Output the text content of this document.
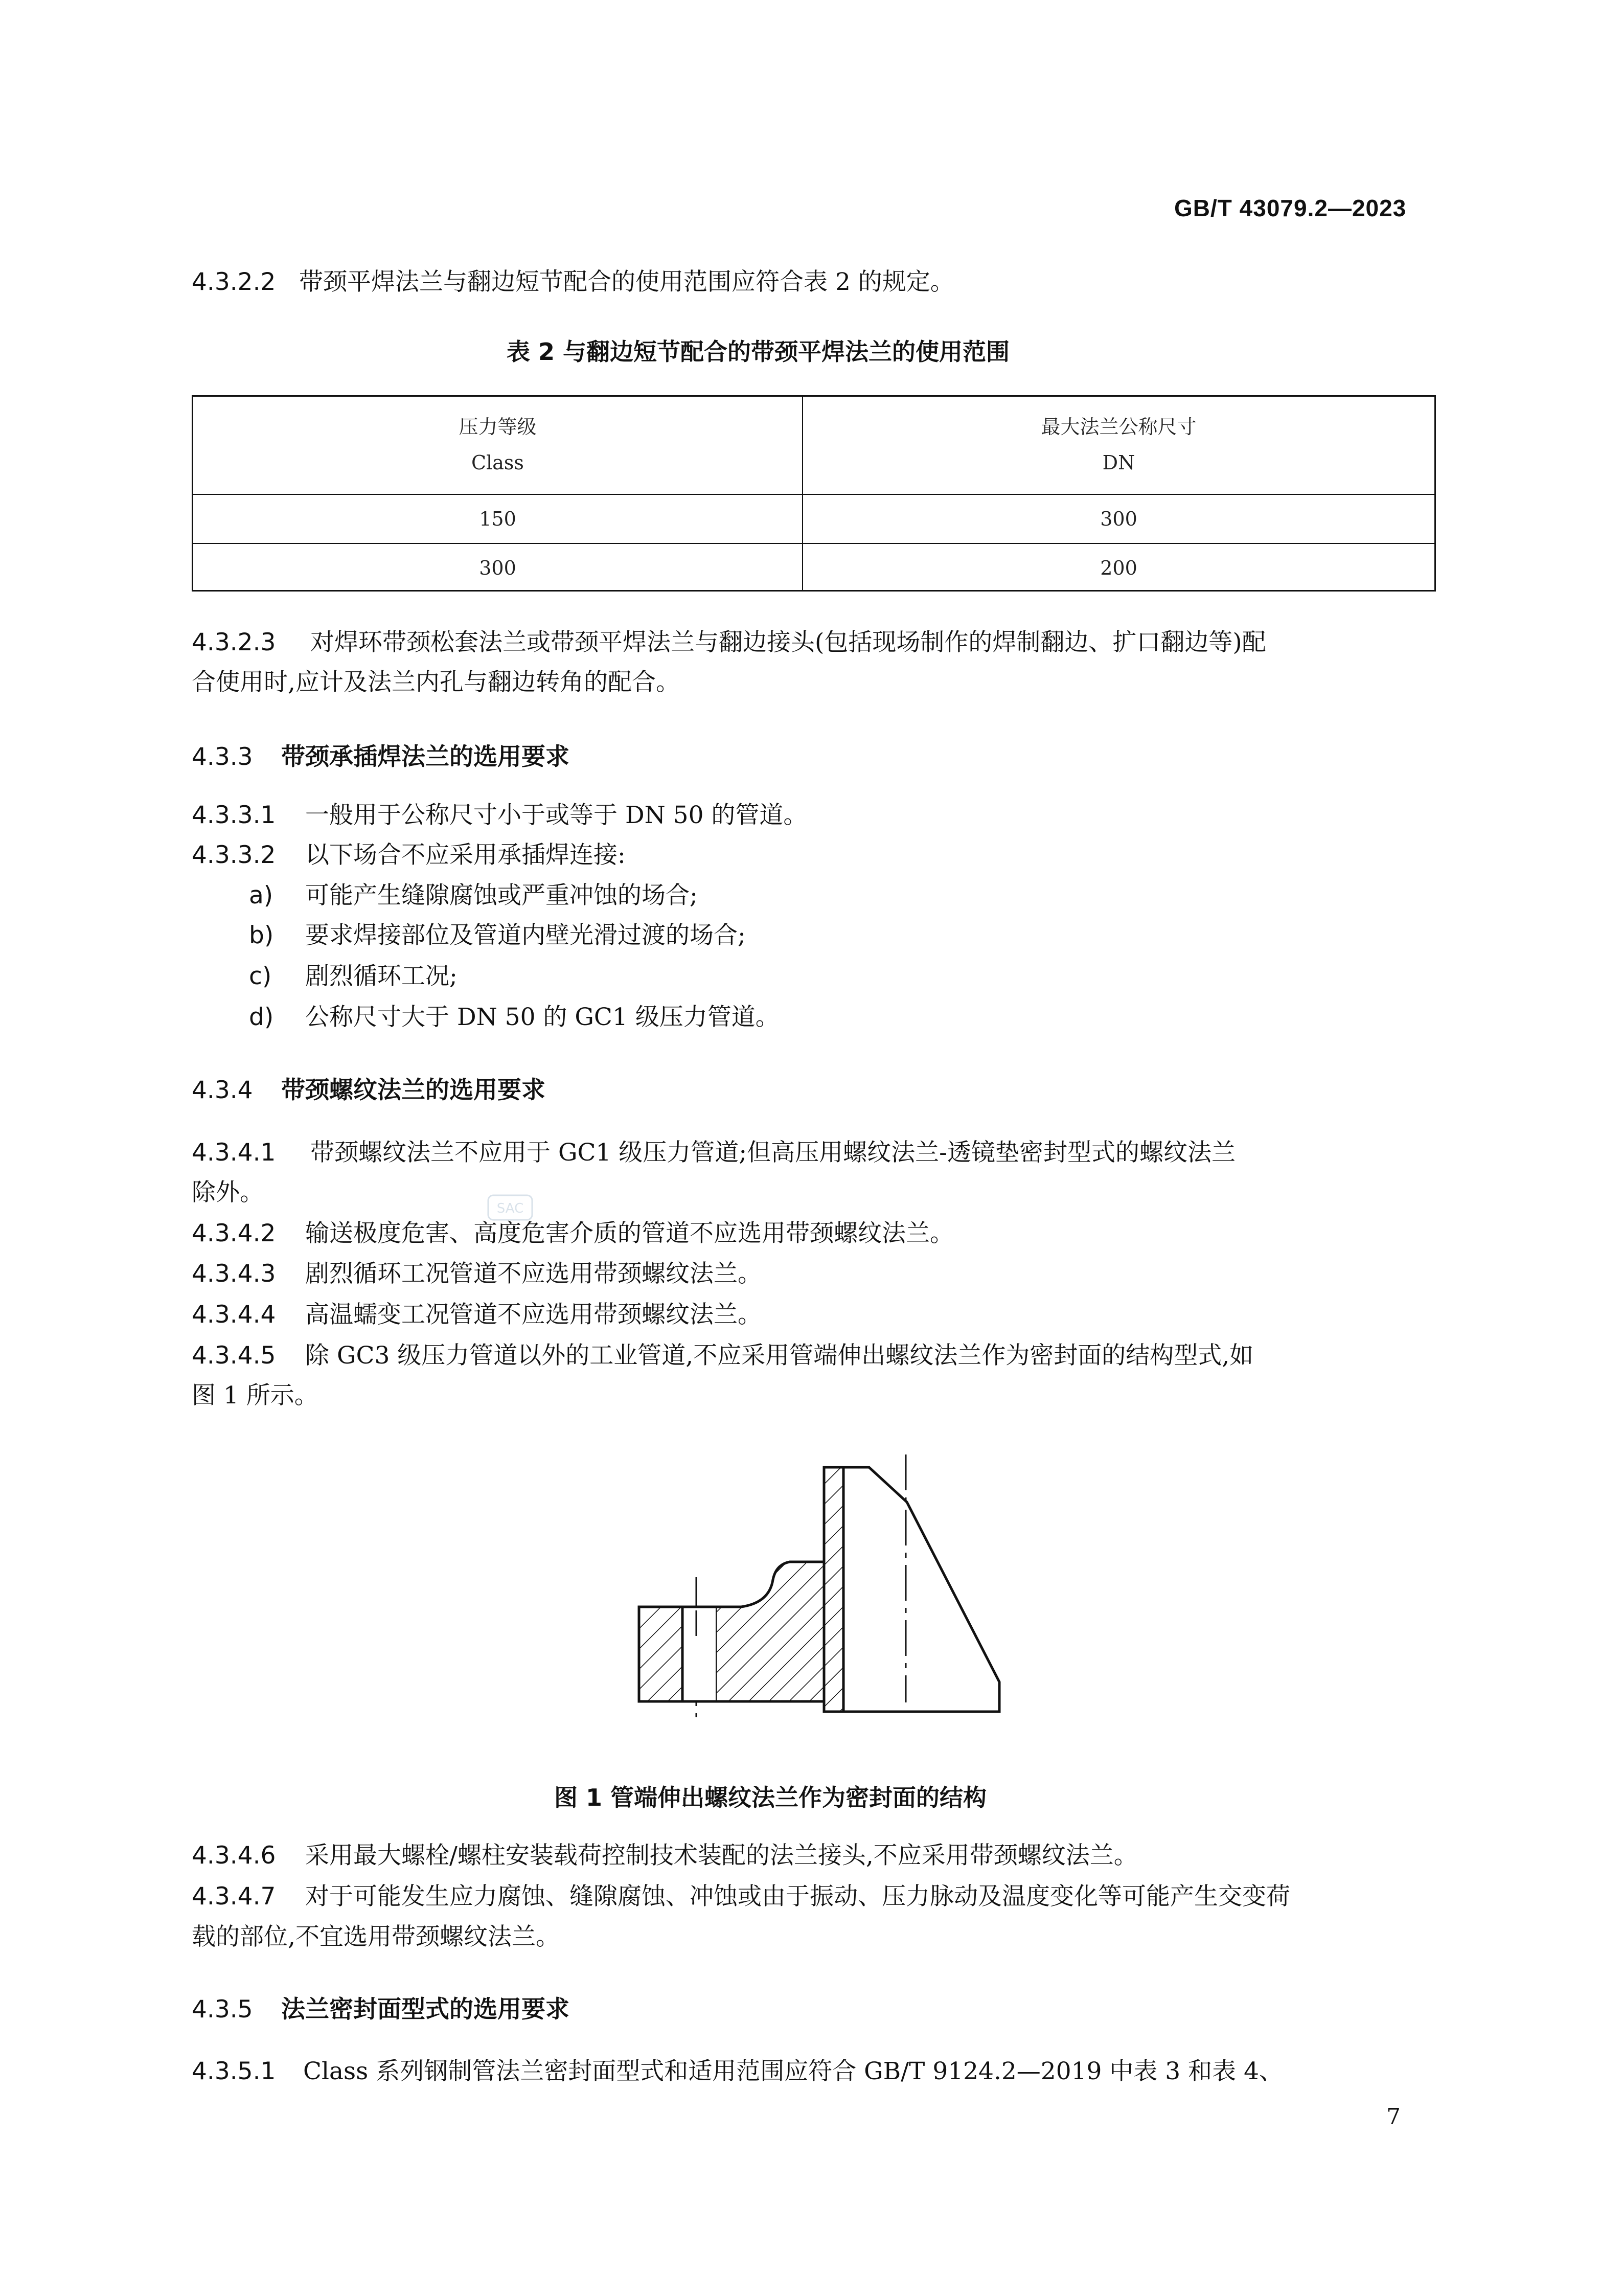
GB/T 43079.2—2023
4.3.2.2 带颈平焊法兰与翻边短节配合的使用范围应符合表 2 的规定。
表 2 与翻边短节配合的带颈平焊法兰的使用范围
压力等级
Class
最大法兰公称尺寸
DN
150	300
300	200
4.3.2.3 对焊环带颈松套法兰或带颈平焊法兰与翻边接头(包括现场制作的焊制翻边、扩口翻边等)配
合使用时,应计及法兰内孔与翻边转角的配合。
4.3.3 带颈承插焊法兰的选用要求
4.3.3.1 一般用于公称尺寸小于或等于 DN 50 的管道。
4.3.3.2 以下场合不应采用承插焊连接:
a) 可能产生缝隙腐蚀或严重冲蚀的场合;
b) 要求焊接部位及管道内壁光滑过渡的场合;
c) 剧烈循环工况;
d) 公称尺寸大于 DN 50 的 GC1 级压力管道。
4.3.4 带颈螺纹法兰的选用要求
4.3.4.1 带颈螺纹法兰不应用于 GC1 级压力管道;但高压用螺纹法兰-透镜垫密封型式的螺纹法兰
除外。
SAC
4.3.4.2 输送极度危害、高度危害介质的管道不应选用带颈螺纹法兰。
4.3.4.3 剧烈循环工况管道不应选用带颈螺纹法兰。
4.3.4.4 高温蠕变工况管道不应选用带颈螺纹法兰。
4.3.4.5 除 GC3 级压力管道以外的工业管道,不应采用管端伸出螺纹法兰作为密封面的结构型式,如
图 1 所示。
图 1 管端伸出螺纹法兰作为密封面的结构
4.3.4.6 采用最大螺栓/螺柱安装载荷控制技术装配的法兰接头,不应采用带颈螺纹法兰。
4.3.4.7 对于可能发生应力腐蚀、缝隙腐蚀、冲蚀或由于振动、压力脉动及温度变化等可能产生交变荷
载的部位,不宜选用带颈螺纹法兰。
4.3.5 法兰密封面型式的选用要求
4.3.5.1 Class 系列钢制管法兰密封面型式和适用范围应符合 GB/T 9124.2—2019 中表 3 和表 4、
7
